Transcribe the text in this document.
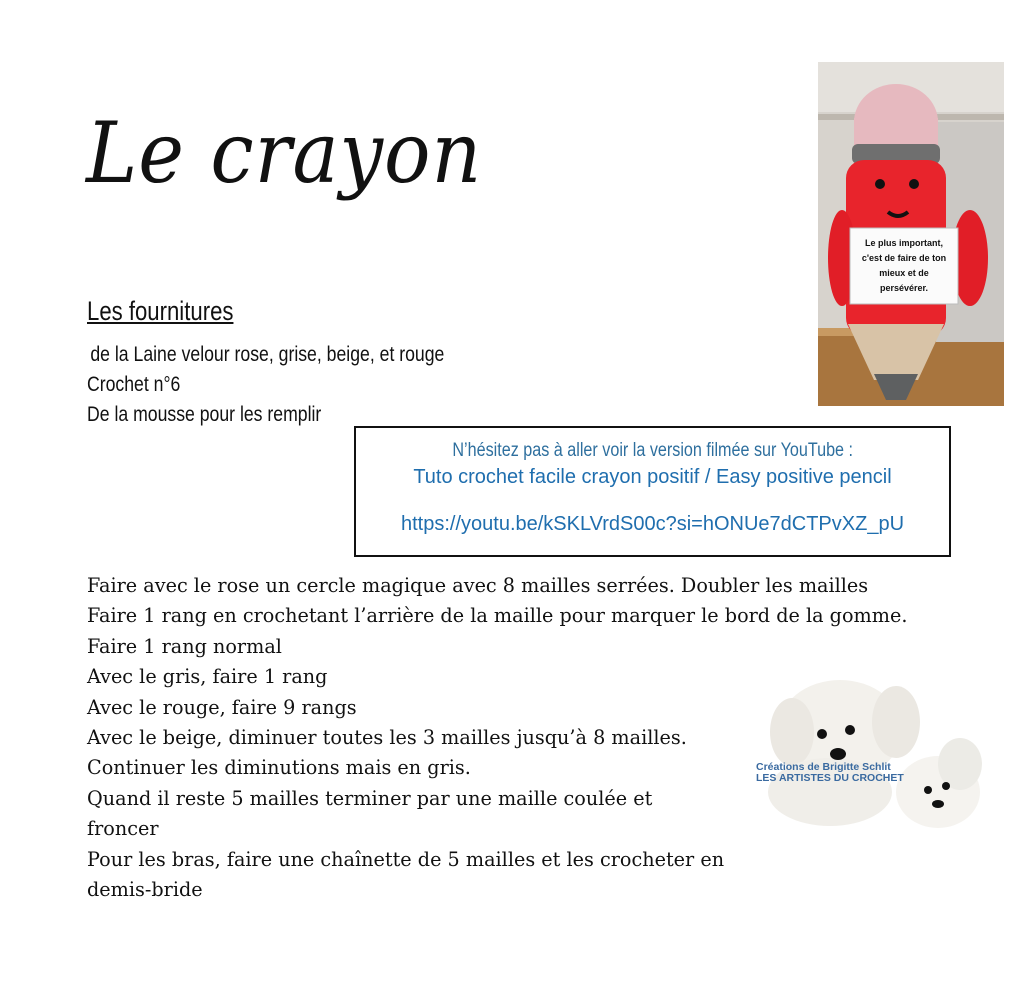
Le crayon
Les fournitures
de la Laine velour rose, grise, beige, et rouge
Crochet n°6
De la mousse pour les remplir
Le plus important,
c'est de faire de ton
mieux et de
persévérer.
N’hésitez pas à aller voir la version filmée sur YouTube :
Tuto crochet facile crayon positif / Easy positive pencil
https://youtu.be/kSKLVrdS00c?si=hONUe7dCTPvXZ_pU
Faire avec le rose un cercle magique avec 8 mailles serrées. Doubler les mailles
Faire 1 rang en crochetant l’arrière de la maille pour marquer le bord de la gomme.
Faire 1 rang normal
Avec le gris, faire 1 rang
Avec le rouge, faire 9 rangs
Avec le beige, diminuer toutes les 3 mailles jusqu’à 8 mailles.
Continuer les diminutions mais en gris.
Quand il reste 5 mailles terminer par une maille coulée et
froncer
Pour les bras, faire une chaînette de 5 mailles et les crocheter en
demis-bride
Créations de Brigitte Schlit
LES ARTISTES DU CROCHET
